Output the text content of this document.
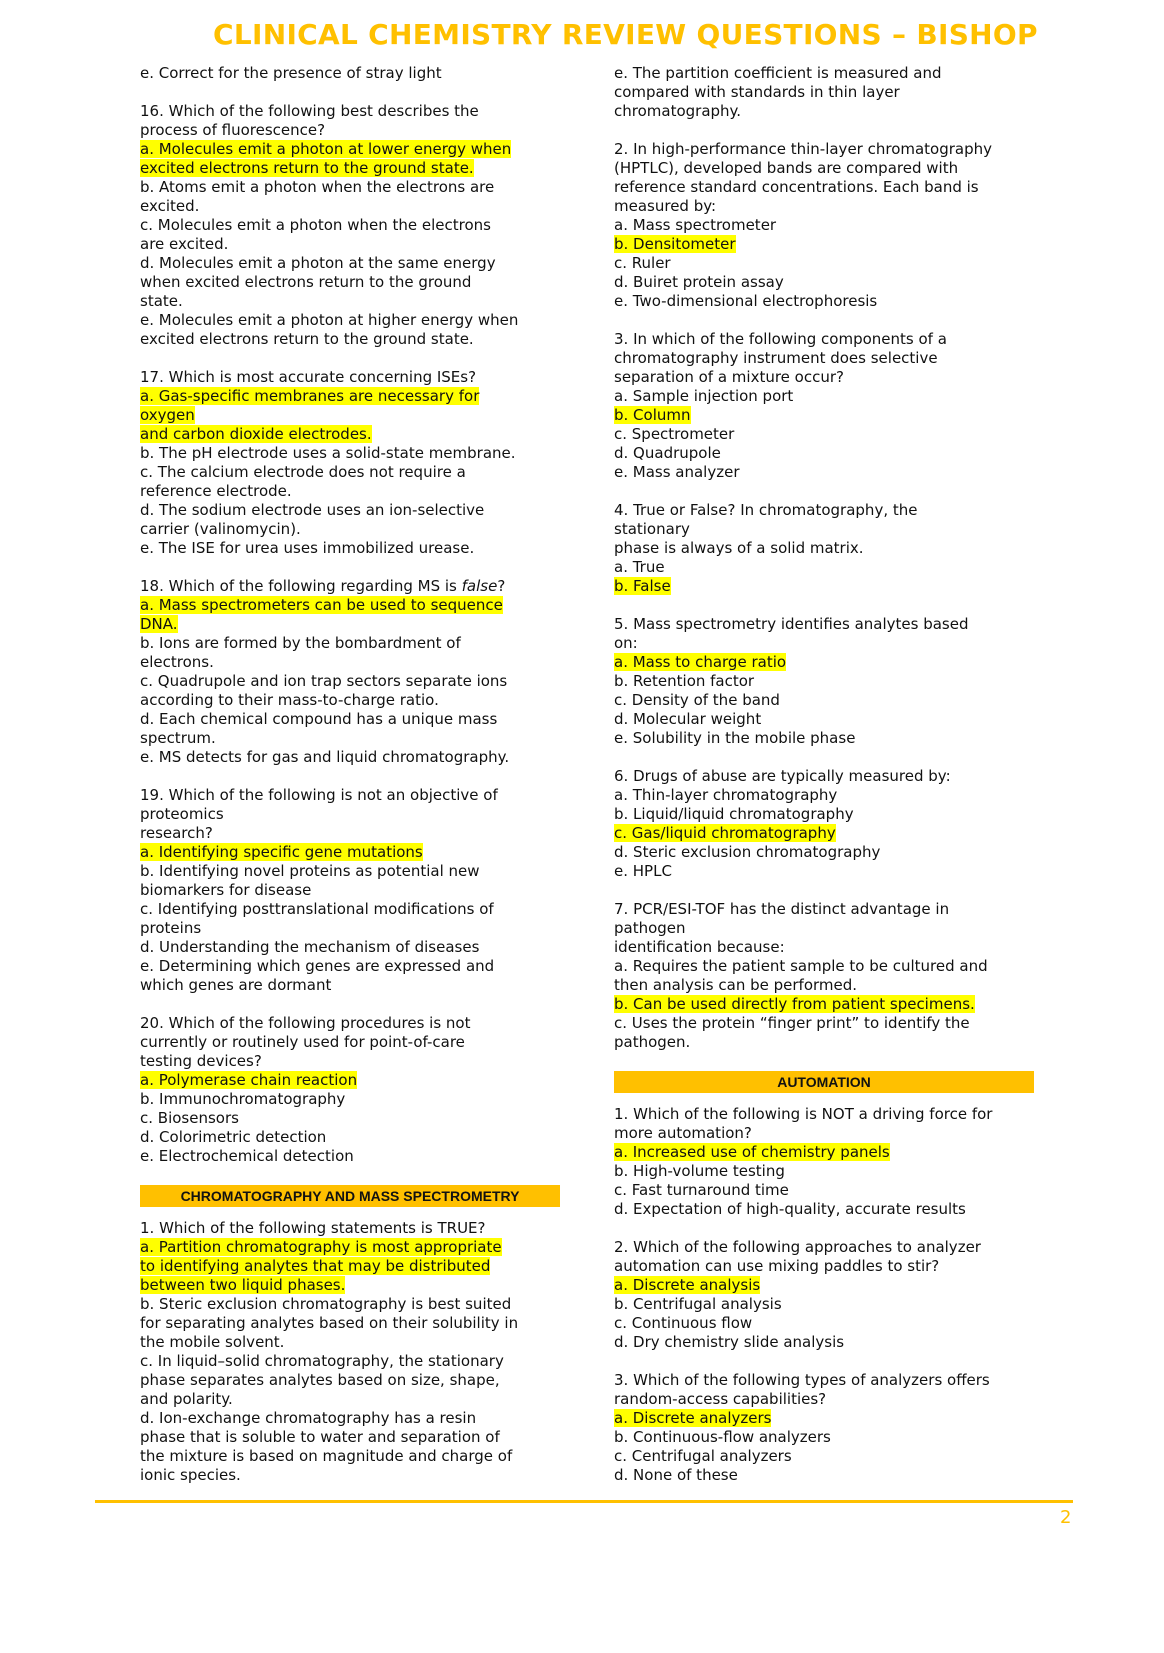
CLINICAL CHEMISTRY REVIEW QUESTIONS – BISHOP
e. Correct for the presence of stray light
16. Which of the following best describes the
process of fluorescence?
a. Molecules emit a photon at lower energy when
excited electrons return to the ground state.
b. Atoms emit a photon when the electrons are
excited.
c. Molecules emit a photon when the electrons
are excited.
d. Molecules emit a photon at the same energy
when excited electrons return to the ground
state.
e. Molecules emit a photon at higher energy when
excited electrons return to the ground state.
17. Which is most accurate concerning ISEs?
a. Gas-specific membranes are necessary for
oxygen
and carbon dioxide electrodes.
b. The pH electrode uses a solid-state membrane.
c. The calcium electrode does not require a
reference electrode.
d. The sodium electrode uses an ion-selective
carrier (valinomycin).
e. The ISE for urea uses immobilized urease.
18. Which of the following regarding MS is false?
a. Mass spectrometers can be used to sequence
DNA.
b. Ions are formed by the bombardment of
electrons.
c. Quadrupole and ion trap sectors separate ions
according to their mass-to-charge ratio.
d. Each chemical compound has a unique mass
spectrum.
e. MS detects for gas and liquid chromatography.
19. Which of the following is not an objective of
proteomics
research?
a. Identifying specific gene mutations
b. Identifying novel proteins as potential new
biomarkers for disease
c. Identifying posttranslational modifications of
proteins
d. Understanding the mechanism of diseases
e. Determining which genes are expressed and
which genes are dormant
20. Which of the following procedures is not
currently or routinely used for point-of-care
testing devices?
a. Polymerase chain reaction
b. Immunochromatography
c. Biosensors
d. Colorimetric detection
e. Electrochemical detection
CHROMATOGRAPHY AND MASS SPECTROMETRY
1. Which of the following statements is TRUE?
a. Partition chromatography is most appropriate
to identifying analytes that may be distributed
between two liquid phases.
b. Steric exclusion chromatography is best suited
for separating analytes based on their solubility in
the mobile solvent.
c. In liquid–solid chromatography, the stationary
phase separates analytes based on size, shape,
and polarity.
d. Ion-exchange chromatography has a resin
phase that is soluble to water and separation of
the mixture is based on magnitude and charge of
ionic species.
e. The partition coefficient is measured and
compared with standards in thin layer
chromatography.
2. In high-performance thin-layer chromatography
(HPTLC), developed bands are compared with
reference standard concentrations. Each band is
measured by:
a. Mass spectrometer
b. Densitometer
c. Ruler
d. Buiret protein assay
e. Two-dimensional electrophoresis
3. In which of the following components of a
chromatography instrument does selective
separation of a mixture occur?
a. Sample injection port
b. Column
c. Spectrometer
d. Quadrupole
e. Mass analyzer
4. True or False? In chromatography, the
stationary
phase is always of a solid matrix.
a. True
b. False
5. Mass spectrometry identifies analytes based
on:
a. Mass to charge ratio
b. Retention factor
c. Density of the band
d. Molecular weight
e. Solubility in the mobile phase
6. Drugs of abuse are typically measured by:
a. Thin-layer chromatography
b. Liquid/liquid chromatography
c. Gas/liquid chromatography
d. Steric exclusion chromatography
e. HPLC
7. PCR/ESI-TOF has the distinct advantage in
pathogen
identification because:
a. Requires the patient sample to be cultured and
then analysis can be performed.
b. Can be used directly from patient specimens.
c. Uses the protein “finger print” to identify the
pathogen.
AUTOMATION
1. Which of the following is NOT a driving force for
more automation?
a. Increased use of chemistry panels
b. High-volume testing
c. Fast turnaround time
d. Expectation of high-quality, accurate results
2. Which of the following approaches to analyzer
automation can use mixing paddles to stir?
a. Discrete analysis
b. Centrifugal analysis
c. Continuous flow
d. Dry chemistry slide analysis
3. Which of the following types of analyzers offers
random-access capabilities?
a. Discrete analyzers
b. Continuous-flow analyzers
c. Centrifugal analyzers
d. None of these
2
